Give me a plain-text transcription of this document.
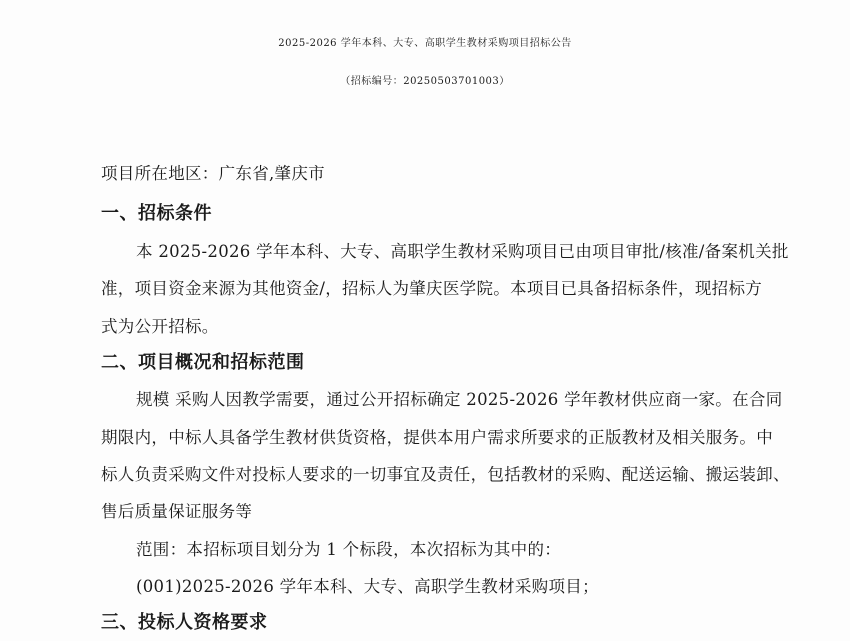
2025-2026 学年本科、大专、高职学生教材采购项目招标公告
（招标编号：20250503701003）
项目所在地区：广东省,肇庆市
一、招标条件
本 2025-2026 学年本科、大专、高职学生教材采购项目已由项目审批/核准/备案机关批
准，项目资金来源为其他资金/，招标人为肇庆医学院。本项目已具备招标条件，现招标方
式为公开招标。
二、项目概况和招标范围
规模 采购人因教学需要，通过公开招标确定 2025-2026 学年教材供应商一家。在合同
期限内，中标人具备学生教材供货资格，提供本用户需求所要求的正版教材及相关服务。中
标人负责采购文件对投标人要求的一切事宜及责任，包括教材的采购、配送运输、搬运装卸、
售后质量保证服务等
范围：本招标项目划分为 1 个标段，本次招标为其中的：
(001)2025-2026 学年本科、大专、高职学生教材采购项目；
三、投标人资格要求
